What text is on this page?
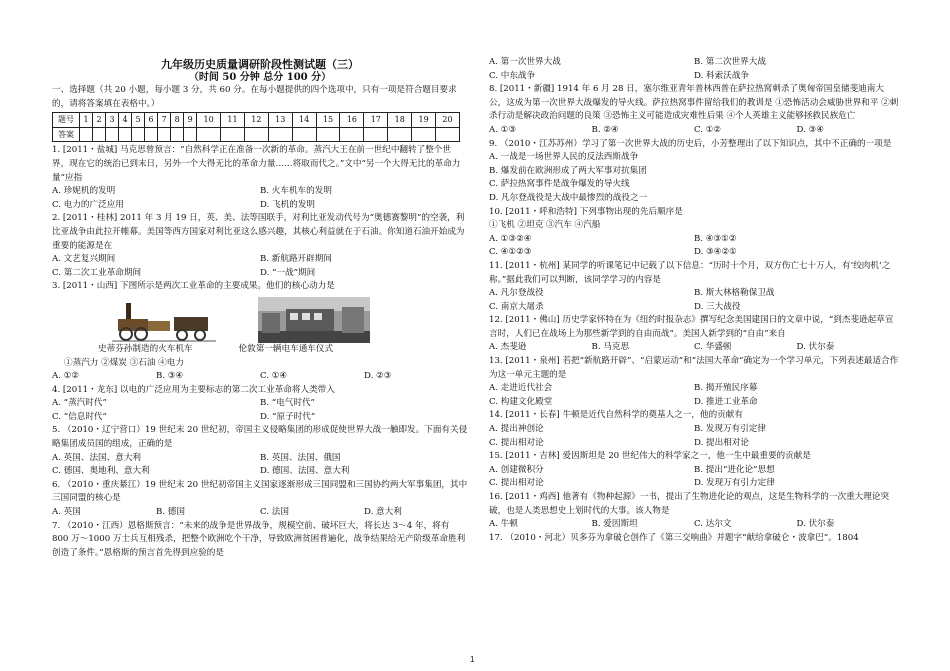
九年级历史质量调研阶段性测试题（三）
（时间 50 分钟 总分 100 分）

一、选择题（共 20 小题，每小题 3 分，共 60 分。在每小题提供的四个选项中，只有一项是符合题目要求的，请将答案填在表格中。）

题号	1	2	3	4	5	6	7	8	9	10	11	12	13	14	15	16	17	18	19	20
答案																				

1. [2011・盐城] 马克思曾预言：“自然科学正在准备一次新的革命。蒸汽大王在前一世纪中翻转了整个世界，现在它的统治已到末日，另外一个大得无比的革命力量……将取而代之。”文中“另一个大得无比的革命力量”应指

A. 珍妮机的发明	B. 火车机车的发明
C. 电力的广泛应用	D. 飞机的发明

2. [2011・桂林] 2011 年 3 月 19 日，英、美、法等国联手，对利比亚发动代号为“奥德赛黎明”的空袭，利比亚战争由此拉开帷幕。美国等西方国家对利比亚这么感兴趣，其核心利益就在于石油。你知道石油开始成为重要的能源是在

A. 文艺复兴期间	B. 新航路开辟期间
C. 第二次工业革命期间	D. “一战”期间

3. [2011・山西] 下图所示是两次工业革命的主要成果。他们的核心动力是

史蒂芬孙制造的火车机车	伦敦第一辆电车通车仪式

①蒸汽力 ②煤炭 ③石油 ④电力

A. ①②	B. ③④	C. ①④	D. ②③

4. [2011・龙东] 以电的广泛应用为主要标志的第二次工业革命将人类带入

A. “蒸汽时代”	B. “电气时代”
C. “信息时代”	D. “原子时代”

5. （2010・辽宁营口）19 世纪末 20 世纪初，帝国主义侵略集团的形成促使世界大战一触即发。下面有关侵略集团成员国的组成，正确的是

A. 英国、法国、意大利	B. 英国、法国、俄国
C. 德国、奥地利、意大利	D. 德国、法国、意大利

6. （2010・重庆綦江）19 世纪末 20 世纪初帝国主义国家逐渐形成三国同盟和三国协约两大军事集团，其中三国同盟的核心是

A. 英国	B. 德国	C. 法国	D. 意大利

7. （2010・江西）恩格斯预言：“未来的战争是世界战争，规模空前、破坏巨大，将长达 3～4 年，将有 800 万～1000 万士兵互相残杀，把整个欧洲吃个干净，导致欧洲贫困普遍化，战争结果给无产阶级革命胜利创造了条件。”恩格斯的预言首先得到应验的是

A. 第一次世界大战	B. 第二次世界大战
C. 中东战争	D. 科索沃战争

8. [2011・新疆] 1914 年 6 月 28 日，塞尔维亚青年普林西普在萨拉热窝刺杀了奥匈帝国皇储斐迪南大公，这成为第一次世界大战爆发的导火线。萨拉热窝事件留给我们的教训是 ①恐怖活动会威胁世界和平 ②刺杀行动是解决政治问题的良策 ③恐怖主义可能造成灾难性后果 ④个人英雄主义能够拯救民族危亡

A. ①③	B. ②④	C. ①②	D. ③④

9. （2010・江苏苏州）学习了第一次世界大战的历史后，小芳整理出了以下知识点，其中不正确的一项是

A. 一战是一场世界人民的反法西斯战争

B. 爆发前在欧洲形成了两大军事对抗集团

C. 萨拉热窝事件是战争爆发的导火线

D. 凡尔登战役是大战中最惨烈的战役之一

10. [2011・呼和浩特] 下列事物出现的先后顺序是

①飞机 ②坦克 ③汽车 ④汽船

A. ①③②④	B. ④③①②
C. ④①②③	D. ③④②①

11. [2011・杭州] 某同学的听课笔记中记载了以下信息：“历时十个月，双方伤亡七十万人，有‘绞肉机’之称。”据此我们可以判断，该同学学习的内容是

A. 凡尔登战役	B. 斯大林格勒保卫战
C. 南京大屠杀	D. 三大战役

12. [2011・佛山] 历史学家怀特在为《纽约时报杂志》撰写纪念美国建国日的文章中说，“到杰斐逊起草宣言时，人们已在战场上为那些新学到的自由而战”。美国人新学到的“自由”来自

A. 杰斐逊	B. 马克思	C. 华盛顿	D. 伏尔泰

13. [2011・泉州] 若把“新航路开辟”、“启蒙运动”和“法国大革命”确定为一个学习单元，下列表述最适合作为这一单元主题的是

A. 走进近代社会	B. 揭开殖民序幕
C. 构建文化殿堂	D. 推进工业革命

14. [2011・长春] 牛顿是近代自然科学的奠基人之一，他的贡献有

A. 提出神创论	B. 发现万有引定律
C. 提出相对论	D. 提出相对论

15. [2011・吉林] 爱因斯坦是 20 世纪伟大的科学家之一，他一生中最重要的贡献是

A. 创建微积分	B. 提出“进化论”思想
C. 提出相对论	D. 发现万有引力定律

16. [2011・鸡西] 他著有《物种起源》一书，提出了生物进化论的观点，这是生物科学的一次重大理论突破，也是人类思想史上划时代的大事。该人物是

A. 牛顿	B. 爱因斯坦	C. 达尔文	D. 伏尔泰

17. （2010・河北）贝多芬为拿破仑创作了《第三交响曲》并题字“献给拿破仑・波拿巴”。1804

1
